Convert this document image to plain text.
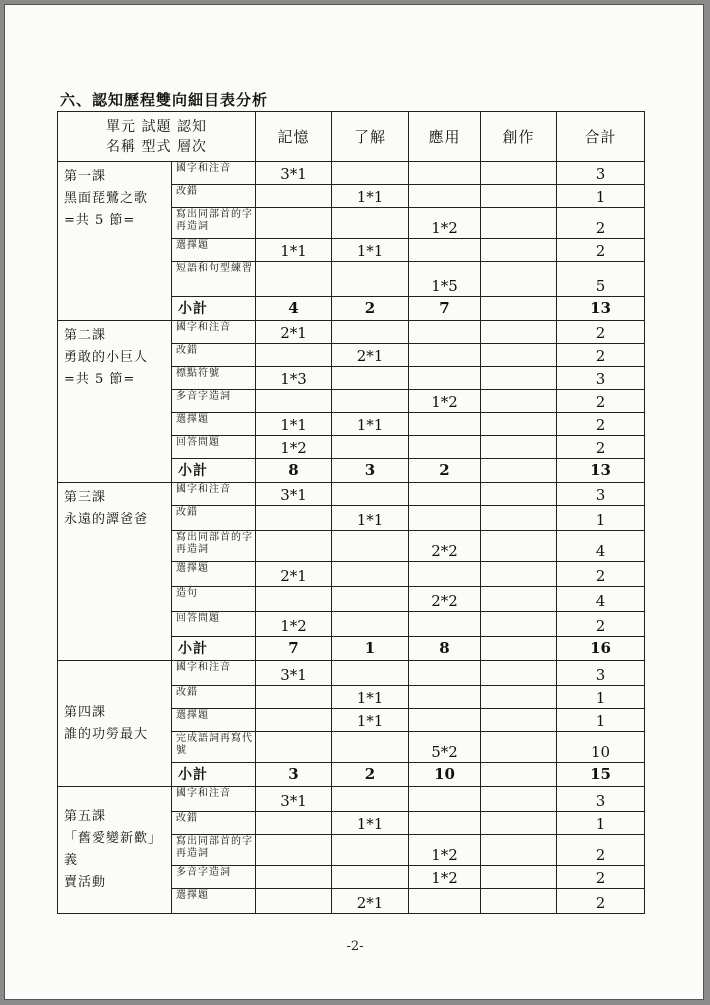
六、認知歷程雙向細目表分析
單元 試題 認知
名稱 型式 層次		記憶	了解	應用	創作	合計

第一課
黑面琵鷺之歌
=共 5 節=	國字和注音	3*1				3
	改錯		1*1			1
	寫出同部首的字再造詞			1*2		2
	選擇題	1*1	1*1			2
	短語和句型練習			1*5		5
	小計	4	2	7		13

第二課
勇敢的小巨人
=共 5 節=	國字和注音	2*1				2
	改錯		2*1			2
	標點符號	1*3				3
	多音字造詞			1*2		2
	選擇題	1*1	1*1			2
	回答問題	1*2				2
	小計	8	3	2		13

第三課
永遠的譚爸爸	國字和注音	3*1				3
	改錯		1*1			1
	寫出同部首的字再造詞			2*2		4
	選擇題	2*1				2
	造句			2*2		4
	回答問題	1*2				2
	小計	7	1	8		16

第四課
誰的功勞最大	國字和注音	3*1				3
	改錯		1*1			1
	選擇題		1*1			1
	完成語詞再寫代號			5*2		10
	小計	3	2	10		15

第五課
「舊愛變新歡」義
賣活動	國字和注音	3*1				3
	改錯		1*1			1
	寫出同部首的字再造詞			1*2		2
	多音字造詞			1*2		2
	選擇題		2*1			2
-2-
